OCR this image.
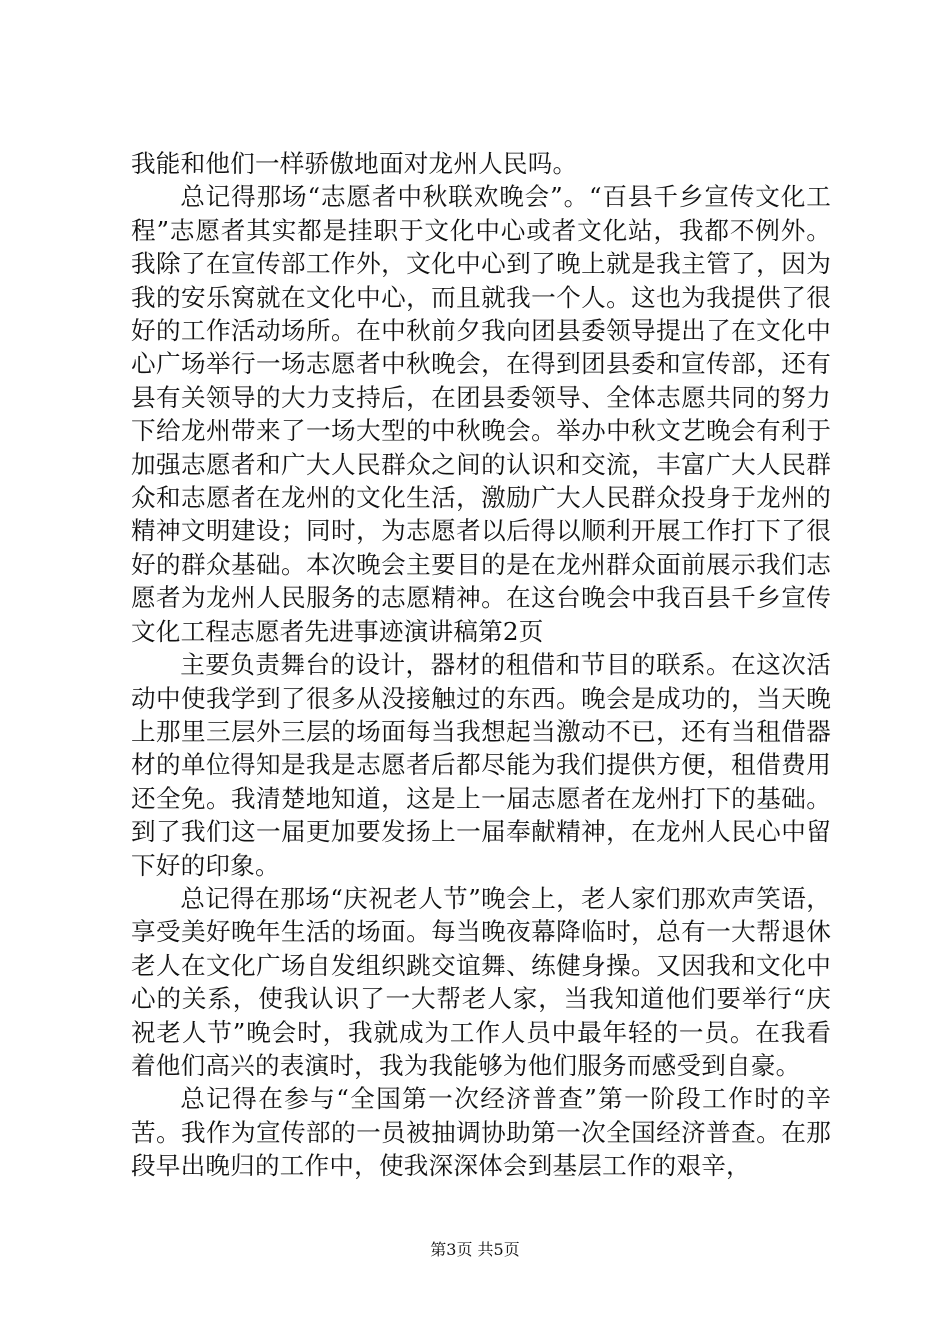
我能和他们一样骄傲地面对龙州人民吗。

总记得那场“志愿者中秋联欢晚会”。“百县千乡宣传文化工程”志愿者其实都是挂职于文化中心或者文化站，我都不例外。我除了在宣传部工作外，文化中心到了晚上就是我主管了，因为我的安乐窝就在文化中心，而且就我一个人。这也为我提供了很好的工作活动场所。在中秋前夕我向团县委领导提出了在文化中心广场举行一场志愿者中秋晚会，在得到团县委和宣传部，还有县有关领导的大力支持后，在团县委领导、全体志愿共同的努力下给龙州带来了一场大型的中秋晚会。举办中秋文艺晚会有利于加强志愿者和广大人民群众之间的认识和交流，丰富广大人民群众和志愿者在龙州的文化生活，激励广大人民群众投身于龙州的精神文明建设；同时，为志愿者以后得以顺利开展工作打下了很好的群众基础。本次晚会主要目的是在龙州群众面前展示我们志愿者为龙州人民服务的志愿精神。在这台晚会中我百县千乡宣传文化工程志愿者先进事迹演讲稿第2页

主要负责舞台的设计，器材的租借和节目的联系。在这次活动中使我学到了很多从没接触过的东西。晚会是成功的，当天晚上那里三层外三层的场面每当我想起当激动不已，还有当租借器材的单位得知是我是志愿者后都尽能为我们提供方便，租借费用还全免。我清楚地知道，这是上一届志愿者在龙州打下的基础。到了我们这一届更加要发扬上一届奉献精神，在龙州人民心中留下好的印象。

总记得在那场“庆祝老人节”晚会上，老人家们那欢声笑语，享受美好晚年生活的场面。每当晚夜幕降临时，总有一大帮退休老人在文化广场自发组织跳交谊舞、练健身操。又因我和文化中心的关系，使我认识了一大帮老人家，当我知道他们要举行“庆祝老人节”晚会时，我就成为工作人员中最年轻的一员。在我看着他们高兴的表演时，我为我能够为他们服务而感受到自豪。

总记得在参与“全国第一次经济普查”第一阶段工作时的辛苦。我作为宣传部的一员被抽调协助第一次全国经济普查。在那段早出晚归的工作中，使我深深体会到基层工作的艰辛，

第3页 共5页
